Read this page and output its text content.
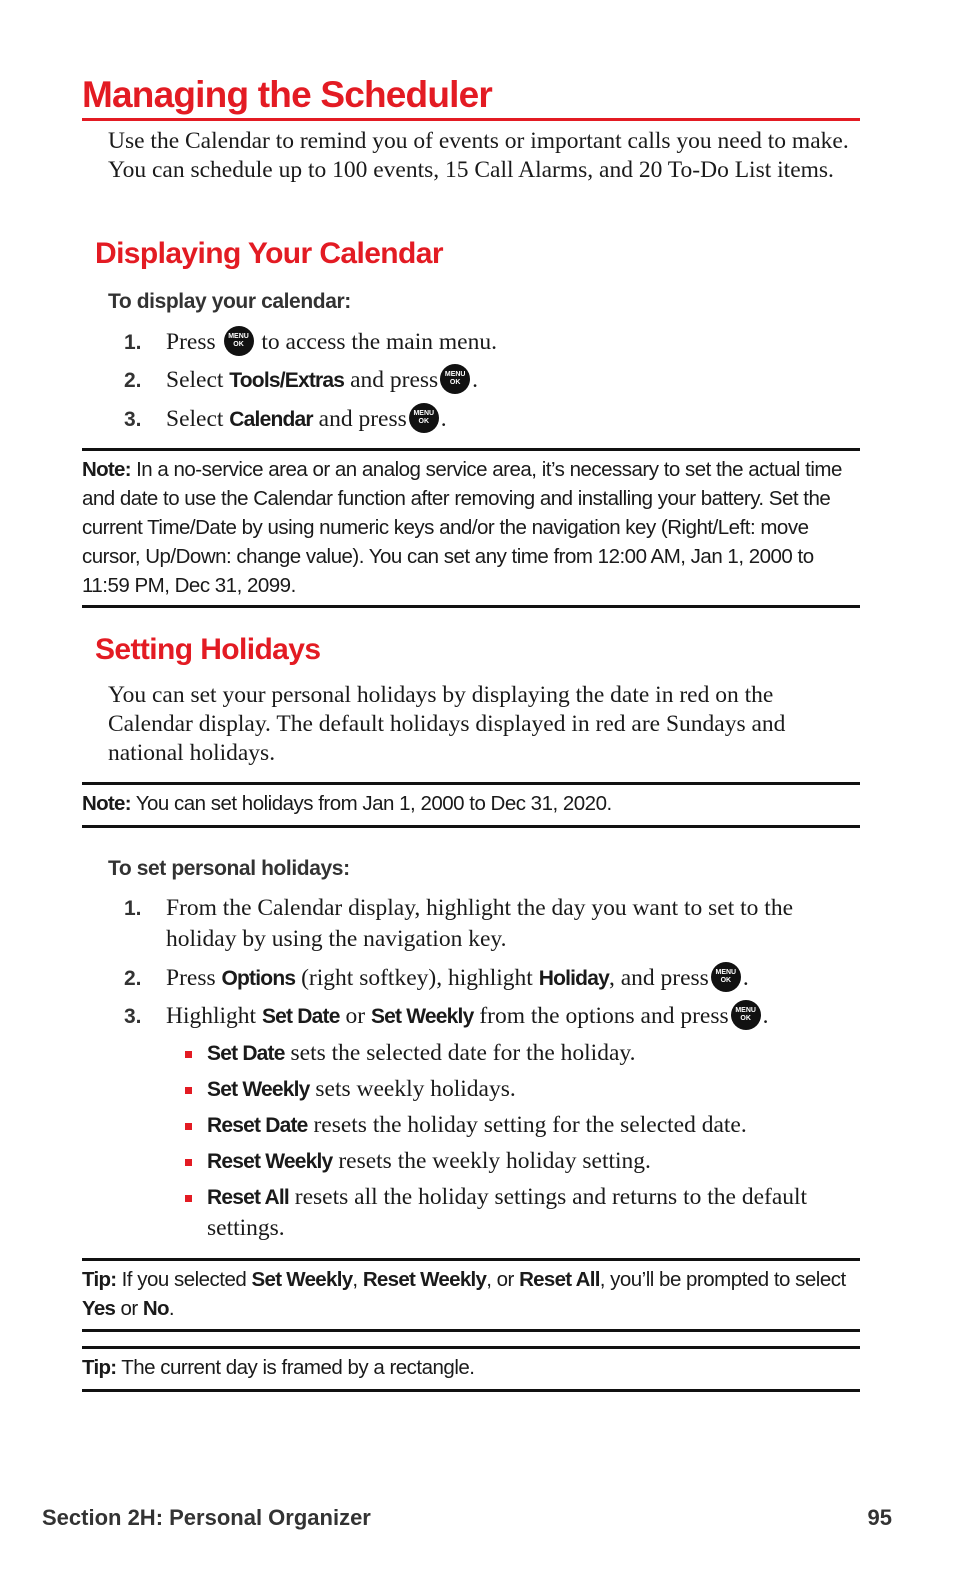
Managing the Scheduler
Use the Calendar to remind you of events or important calls you need to make. You can schedule up to 100 events, 15 Call Alarms, and 20 To-Do List items.
Displaying Your Calendar
To display your calendar:
1.	Press	MENU
OK to access the main menu.
2.	Select Tools/Extras and press MENU
OK .
3.	Select Calendar and press MENU
OK .
Note: In a no-service area or an analog service area, it’s necessary to set the actual time and date to use the Calendar function after removing and installing your battery. Set the current Time/Date by using numeric keys and/or the navigation key (Right/Left: move cursor, Up/Down: change value). You can set any time from 12:00 AM, Jan 1, 2000 to 11:59 PM, Dec 31, 2099.
Setting Holidays
You can set your personal holidays by displaying the date in red on the Calendar display. The default holidays displayed in red are Sundays and national holidays.
Note: You can set holidays from Jan 1, 2000 to Dec 31, 2020.
To set personal holidays:
1.	From the Calendar display, highlight the day you want to set to the holiday by using the navigation key.
2.	Press Options (right softkey), highlight Holiday, and press MENU
OK .
3.	Highlight Set Date or Set Weekly from the options and press MENU
OK .
Set Date sets the selected date for the holiday.
Set Weekly sets weekly holidays.
Reset Date resets the holiday setting for the selected date.
Reset Weekly resets the weekly holiday setting.
Reset All resets all the holiday settings and returns to the default settings.
Tip: If you selected Set Weekly, Reset Weekly, or Reset All, you’ll be prompted to select Yes or No.
Tip: The current day is framed by a rectangle.
Section 2H: Personal Organizer	95
